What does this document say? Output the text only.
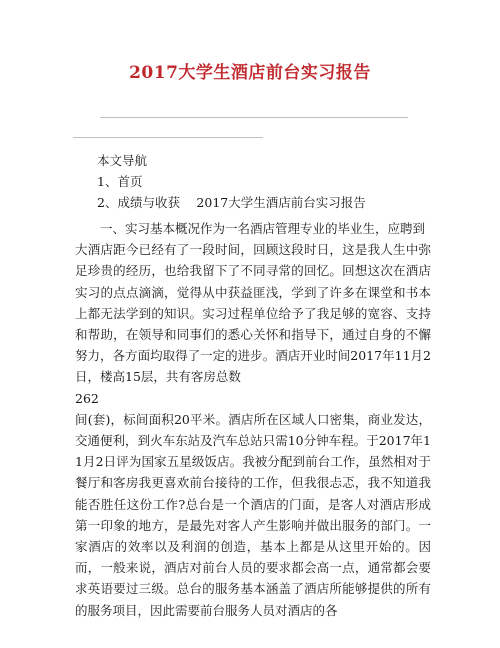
2017大学生酒店前台实习报告
本文导航
1、首页
2、成绩与收获　 2017大学生酒店前台实习报告

一、实习基本概况作为一名酒店管理专业的毕业生，应聘到

大酒店距今已经有了一段时间，回顾这段时日，这是我人生中弥足珍贵的经历，也给我留下了不同寻常的回忆。回想这次在酒店实习的点点滴滴，觉得从中获益匪浅，学到了许多在课堂和书本上都无法学到的知识。实习过程单位给予了我足够的宽容、支持和帮助，在领导和同事们的悉心关怀和指导下，通过自身的不懈努力，各方面均取得了一定的进步。酒店开业时间2017年11月2日，楼高15层，共有客房总数

262

间(套)，标间面积20平米。酒店所在区域人口密集，商业发达，交通便利，到火车东站及汽车总站只需10分钟车程。于2017年11月2日评为国家五星级饭店。我被分配到前台工作，虽然相对于餐厅和客房我更喜欢前台接待的工作，但我很忐忑，我不知道我能否胜任这份工作?总台是一个酒店的门面，是客人对酒店形成第一印象的地方，是最先对客人产生影响并做出服务的部门。一家酒店的效率以及利润的创造，基本上都是从这里开始的。因而，一般来说，酒店对前台人员的要求都会高一点，通常都会要求英语要过三级。总台的服务基本涵盖了酒店所能够提供的所有的服务项目，因此需要前台服务人员对酒店的各
